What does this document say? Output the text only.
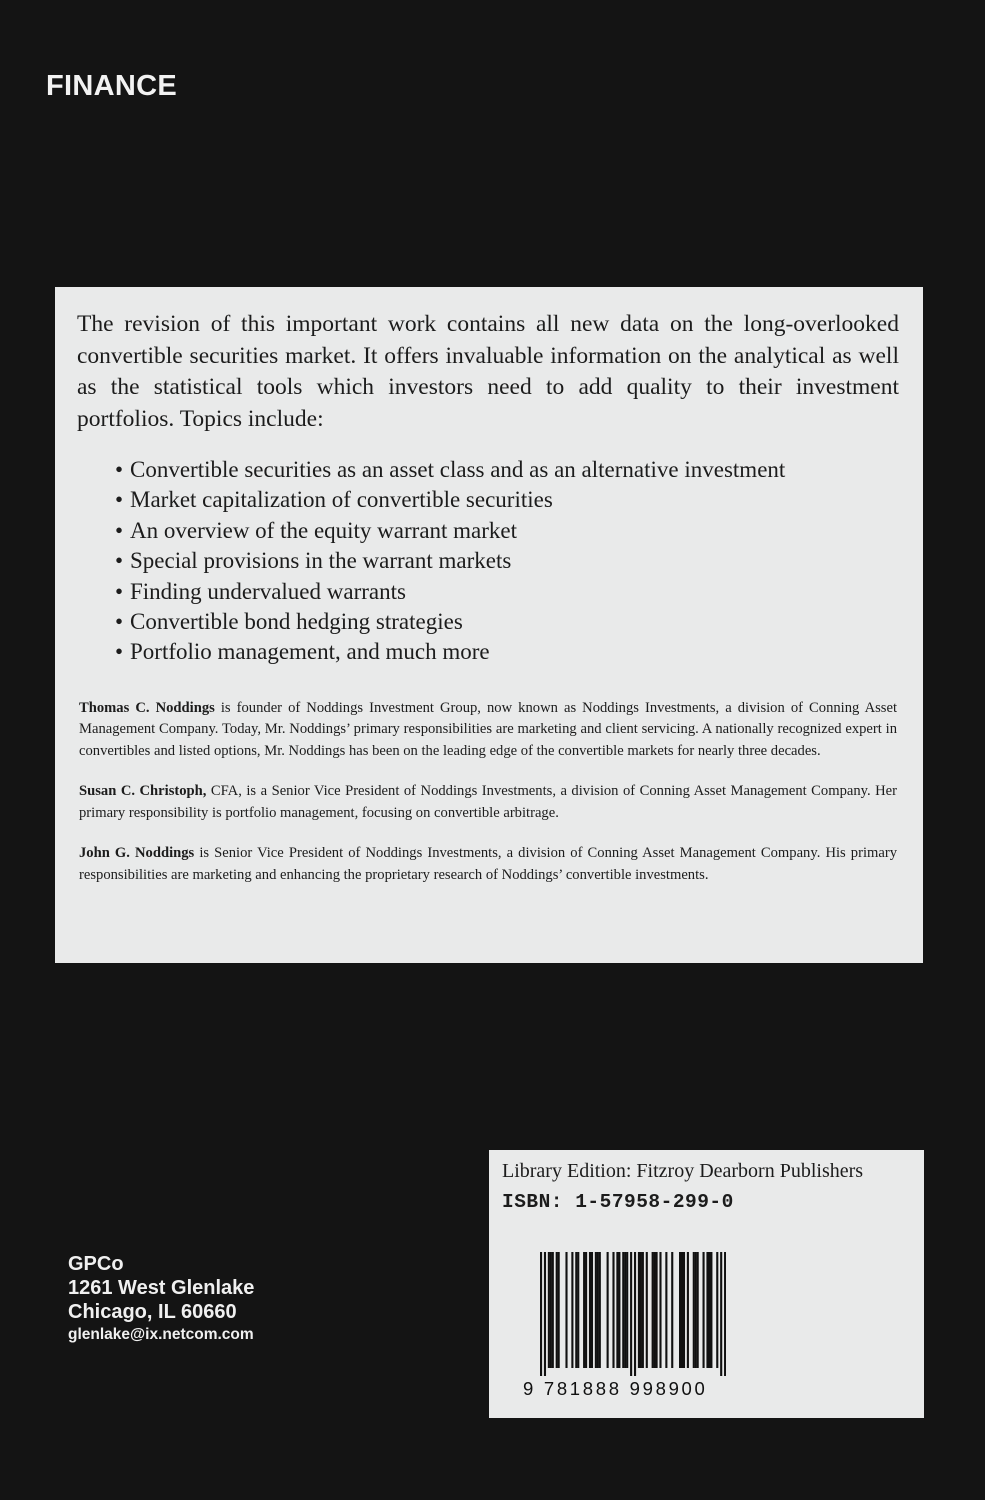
FINANCE

The revision of this important work contains all new data on the long-overlooked convertible securities market. It offers invaluable information on the analytical as well as the statistical tools which investors need to add quality to their investment portfolios. Topics include:

• Convertible securities as an asset class and as an alternative investment
• Market capitalization of convertible securities
• An overview of the equity warrant market
• Special provisions in the warrant markets
• Finding undervalued warrants
• Convertible bond hedging strategies
• Portfolio management, and much more

Thomas C. Noddings is founder of Noddings Investment Group, now known as Noddings Investments, a division of Conning Asset Management Company. Today, Mr. Noddings’ primary responsibilities are marketing and client servicing. A nationally recognized expert in convertibles and listed options, Mr. Noddings has been on the leading edge of the convertible markets for nearly three decades.

Susan C. Christoph, CFA, is a Senior Vice President of Noddings Investments, a division of Conning Asset Management Company. Her primary responsibility is portfolio management, focusing on convertible arbitrage.

John G. Noddings is Senior Vice President of Noddings Investments, a division of Conning Asset Management Company. His primary responsibilities are marketing and enhancing the proprietary research of Noddings’ convertible investments.

GPCo
1261 West Glenlake
Chicago, IL 60660
glenlake@ix.netcom.com
Library Edition: Fitzroy Dearborn Publishers
ISBN: 1-57958-299-0
9 781888 998900
